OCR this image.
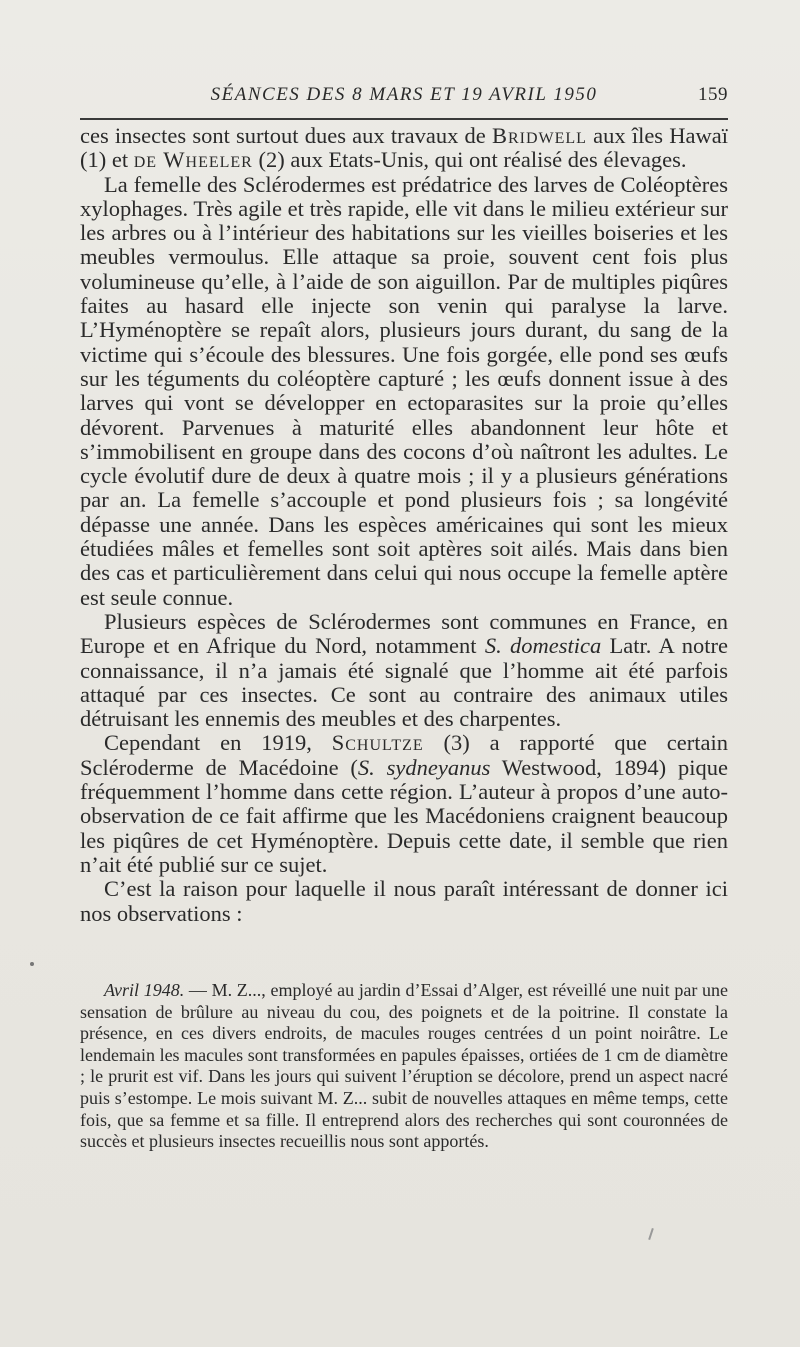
SÉANCES DES 8 MARS ET 19 AVRIL 1950	159

ces insectes sont surtout dues aux travaux de Bridwell aux îles Hawaï (1) et de Wheeler (2) aux Etats-Unis, qui ont réalisé des élevages.

La femelle des Sclérodermes est prédatrice des larves de Coléoptères xylophages. Très agile et très rapide, elle vit dans le milieu extérieur sur les arbres ou à l’intérieur des habitations sur les vieilles boiseries et les meubles vermoulus. Elle attaque sa proie, souvent cent fois plus volumineuse qu’elle, à l’aide de son aiguillon. Par de multiples piqûres faites au hasard elle injecte son venin qui paralyse la larve. L’Hyménoptère se repaît alors, plusieurs jours durant, du sang de la victime qui s’écoule des blessures. Une fois gorgée, elle pond ses œufs sur les téguments du coléoptère capturé ; les œufs donnent issue à des larves qui vont se développer en ectoparasites sur la proie qu’elles dévorent. Parvenues à maturité elles abandonnent leur hôte et s’immobilisent en groupe dans des cocons d’où naîtront les adultes. Le cycle évolutif dure de deux à quatre mois ; il y a plusieurs générations par an. La femelle s’accouple et pond plusieurs fois ; sa longévité dépasse une année. Dans les espèces américaines qui sont les mieux étudiées mâles et femelles sont soit aptères soit ailés. Mais dans bien des cas et particulièrement dans celui qui nous occupe la femelle aptère est seule connue.

Plusieurs espèces de Sclérodermes sont communes en France, en Europe et en Afrique du Nord, notamment S. domestica Latr. A notre connaissance, il n’a jamais été signalé que l’homme ait été parfois attaqué par ces insectes. Ce sont au contraire des animaux utiles détruisant les ennemis des meubles et des charpentes.

Cependant en 1919, Schultze (3) a rapporté que certain Scléroderme de Macédoine (S. sydneyanus Westwood, 1894) pique fréquemment l’homme dans cette région. L’auteur à propos d’une auto-observation de ce fait affirme que les Macédoniens craignent beaucoup les piqûres de cet Hyménoptère. Depuis cette date, il semble que rien n’ait été publié sur ce sujet.

C’est la raison pour laquelle il nous paraît intéressant de donner ici nos observations :

Avril 1948. — M. Z..., employé au jardin d’Essai d’Alger, est réveillé une nuit par une sensation de brûlure au niveau du cou, des poignets et de la poitrine. Il constate la présence, en ces divers endroits, de macules rouges centrées d un point noirâtre. Le lendemain les macules sont transformées en papules épaisses, ortiées de 1 cm de diamètre ; le prurit est vif. Dans les jours qui suivent l’éruption se décolore, prend un aspect nacré puis s’estompe. Le mois suivant M. Z... subit de nouvelles attaques en même temps, cette fois, que sa femme et sa fille. Il entreprend alors des recherches qui sont couronnées de succès et plusieurs insectes recueillis nous sont apportés.
